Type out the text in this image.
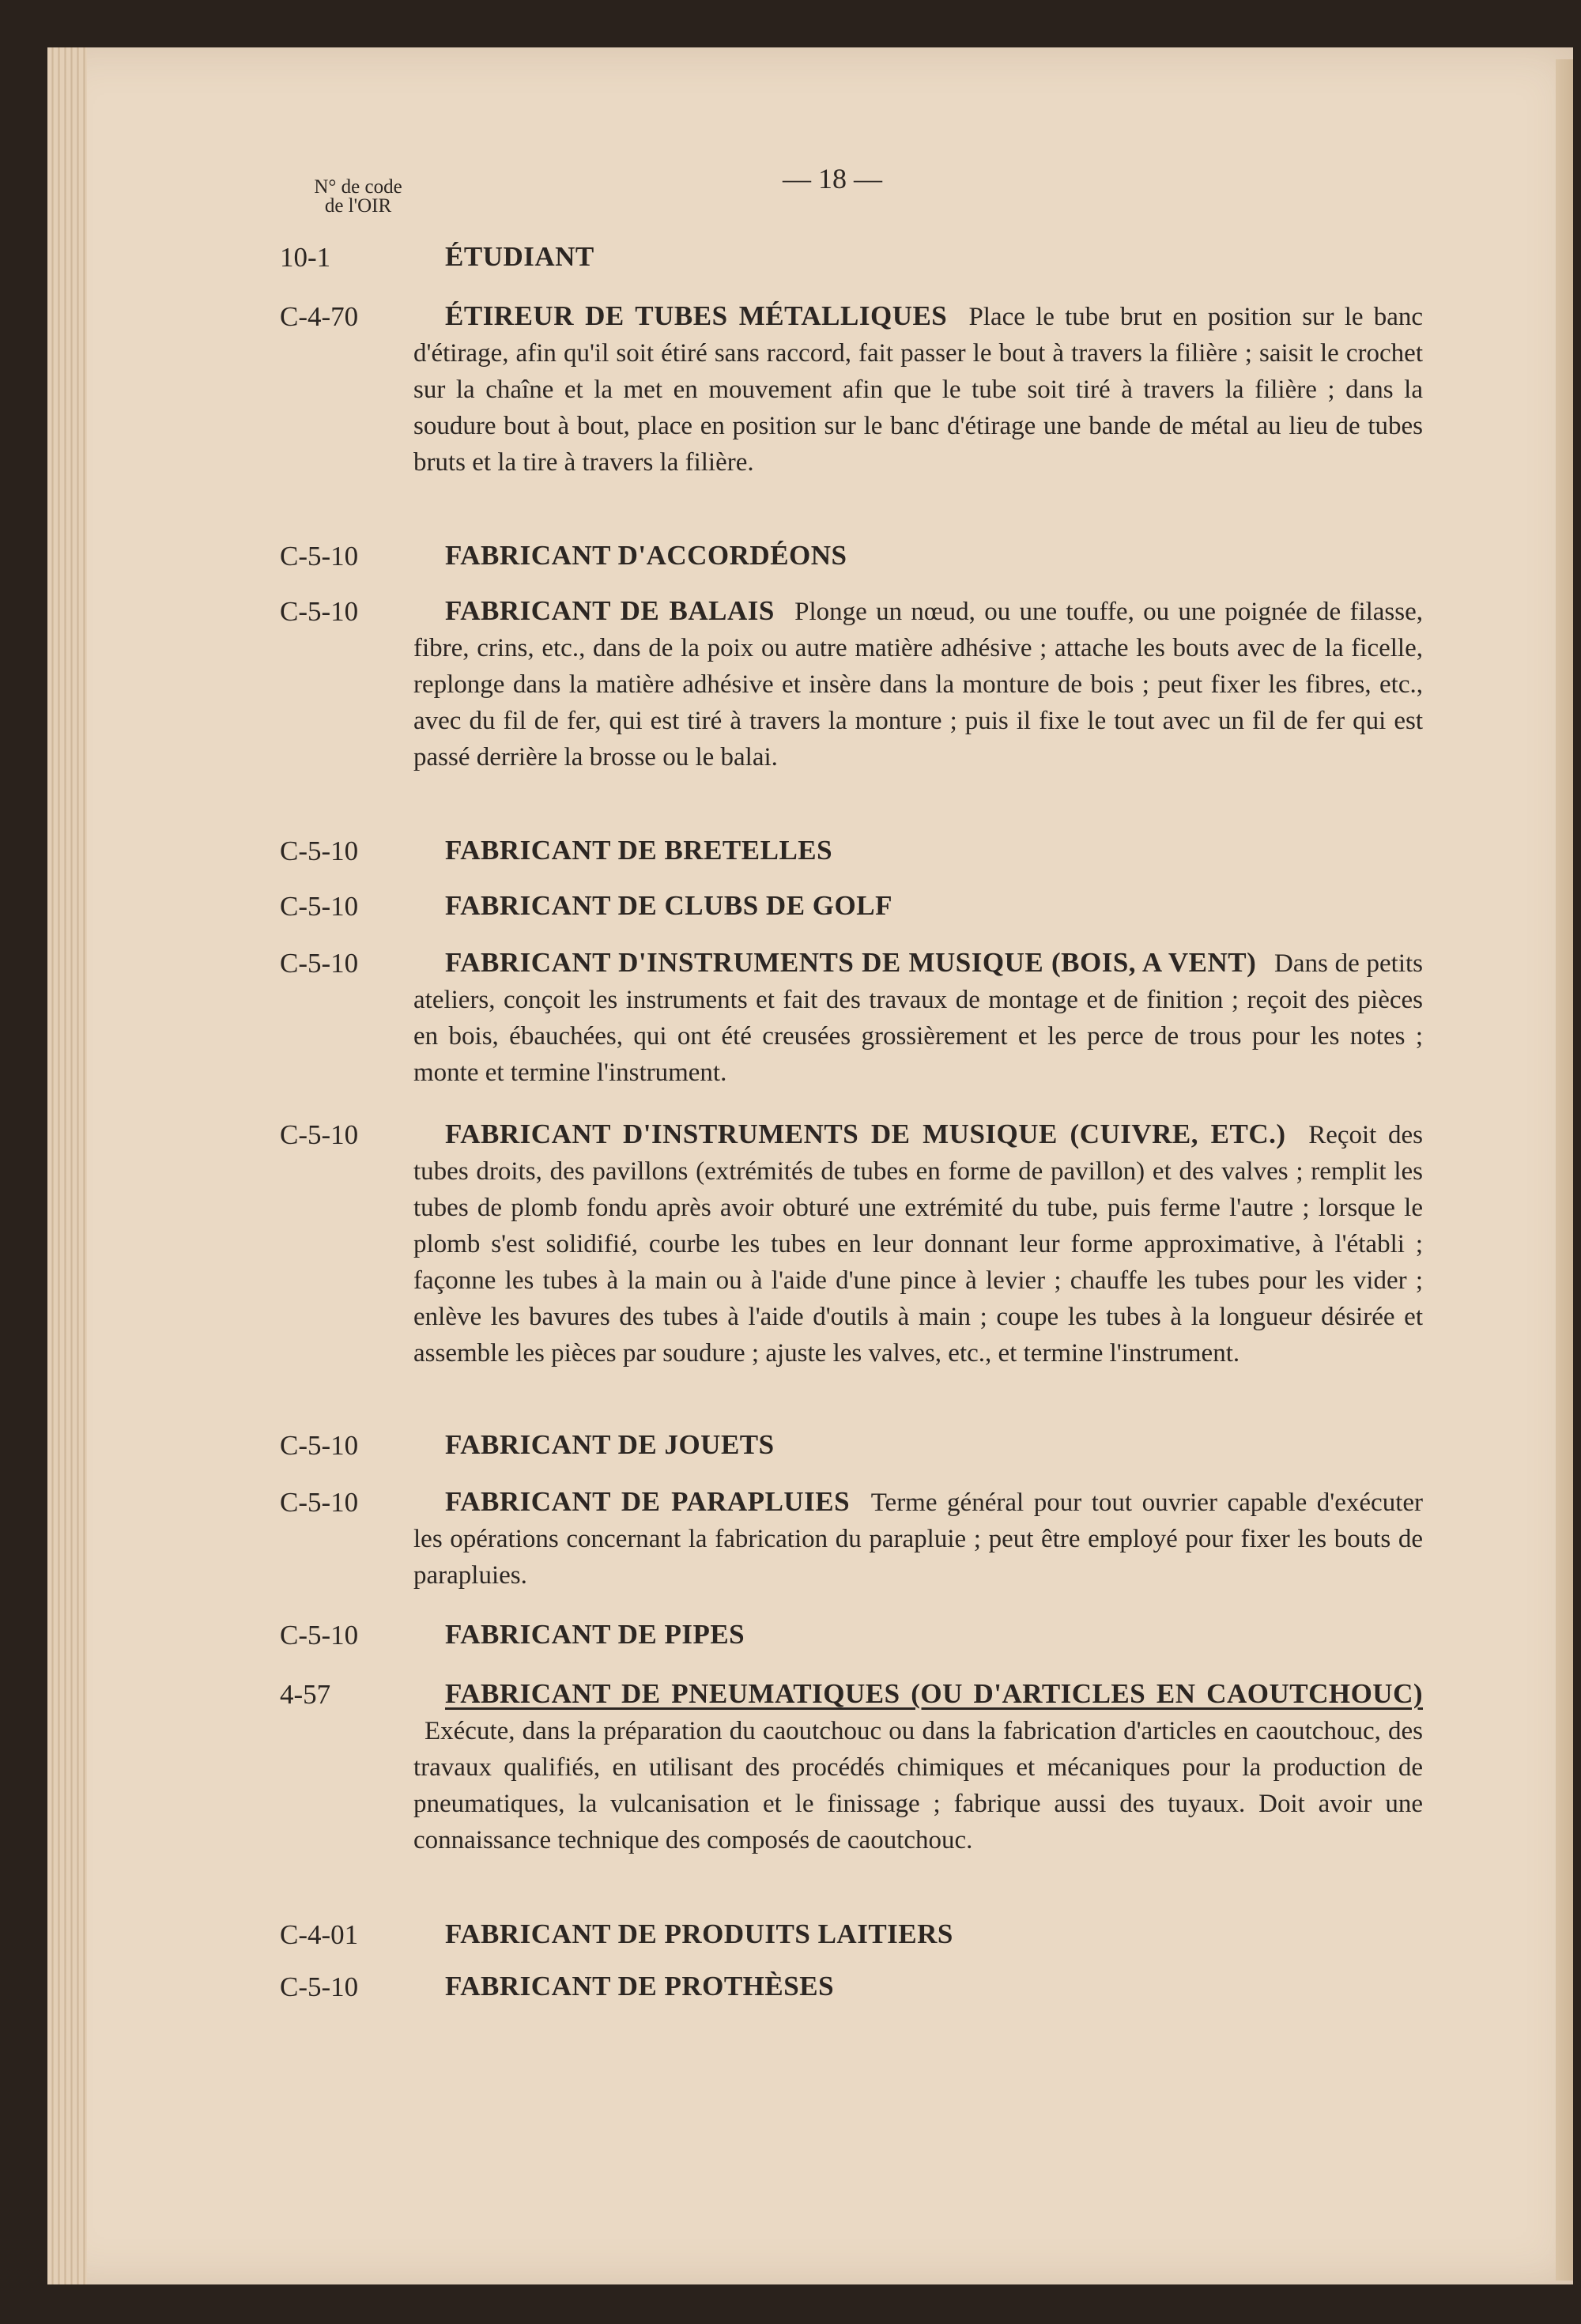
N° de code
de l'OIR
— 18 —
10-1	ÉTUDIANT
C-4-70	ÉTIREUR DE TUBES MÉTALLIQUES Place le tube brut en position sur le banc d'étirage, afin qu'il soit étiré sans raccord, fait passer le bout à travers la filière ; saisit le crochet sur la chaîne et la met en mouvement afin que le tube soit tiré à travers la filière ; dans la soudure bout à bout, place en position sur le banc d'étirage une bande de métal au lieu de tubes bruts et la tire à travers la filière.
C-5-10	FABRICANT D'ACCORDÉONS
C-5-10	FABRICANT DE BALAIS Plonge un nœud, ou une touffe, ou une poignée de filasse, fibre, crins, etc., dans de la poix ou autre matière adhésive ; attache les bouts avec de la ficelle, replonge dans la matière adhésive et insère dans la monture de bois ; peut fixer les fibres, etc., avec du fil de fer, qui est tiré à travers la monture ; puis il fixe le tout avec un fil de fer qui est passé derrière la brosse ou le balai.
C-5-10	FABRICANT DE BRETELLES
C-5-10	FABRICANT DE CLUBS DE GOLF
C-5-10	FABRICANT D'INSTRUMENTS DE MUSIQUE (BOIS, A VENT) Dans de petits ateliers, conçoit les instruments et fait des travaux de montage et de finition ; reçoit des pièces en bois, ébauchées, qui ont été creusées grossièrement et les perce de trous pour les notes ; monte et termine l'instrument.
C-5-10	FABRICANT D'INSTRUMENTS DE MUSIQUE (CUIVRE, ETC.) Reçoit des tubes droits, des pavillons (extrémités de tubes en forme de pavillon) et des valves ; remplit les tubes de plomb fondu après avoir obturé une extrémité du tube, puis ferme l'autre ; lorsque le plomb s'est solidifié, courbe les tubes en leur donnant leur forme approximative, à l'établi ; façonne les tubes à la main ou à l'aide d'une pince à levier ; chauffe les tubes pour les vider ; enlève les bavures des tubes à l'aide d'outils à main ; coupe les tubes à la longueur désirée et assemble les pièces par soudure ; ajuste les valves, etc., et termine l'instrument.
C-5-10	FABRICANT DE JOUETS
C-5-10	FABRICANT DE PARAPLUIES Terme général pour tout ouvrier capable d'exécuter les opérations concernant la fabrication du parapluie ; peut être employé pour fixer les bouts de parapluies.
C-5-10	FABRICANT DE PIPES
4-57	FABRICANT DE PNEUMATIQUES (OU D'ARTICLES EN CAOUTCHOUC) Exécute, dans la préparation du caoutchouc ou dans la fabrication d'articles en caoutchouc, des travaux qualifiés, en utilisant des procédés chimiques et mécaniques pour la production de pneumatiques, la vulcanisation et le finissage ; fabrique aussi des tuyaux. Doit avoir une connaissance technique des composés de caoutchouc.
C-4-01	FABRICANT DE PRODUITS LAITIERS
C-5-10	FABRICANT DE PROTHÈSES
